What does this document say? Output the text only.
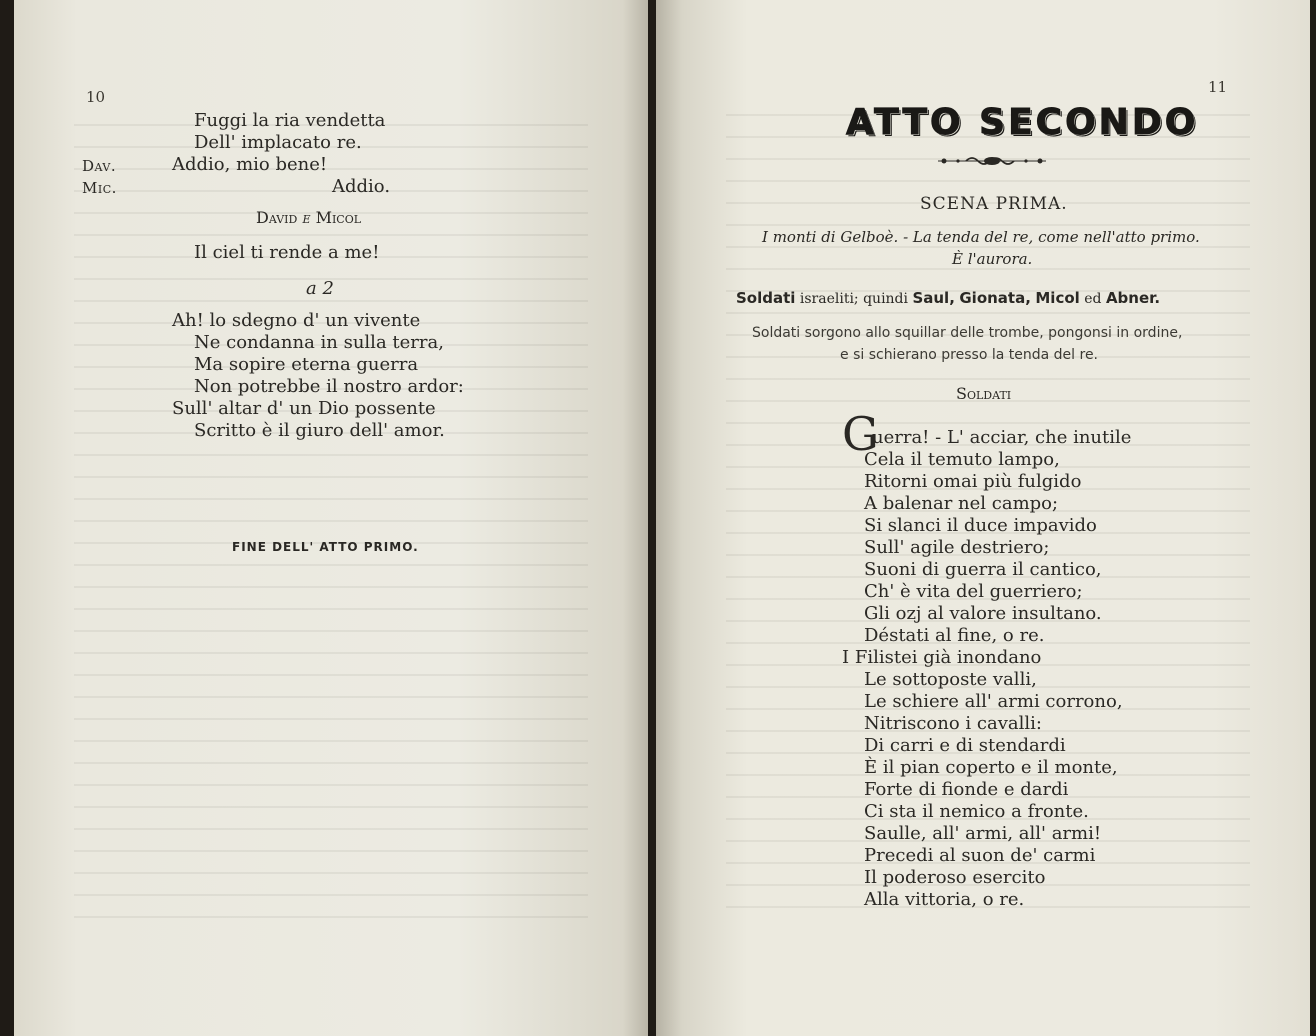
10
Fuggi la ria vendetta
Dell' implacato re.
Dav.	Addio, mio bene!
Mic.	Addio.
David e Micol
Il ciel ti rende a me!
a 2
Ah! lo sdegno d' un vivente
Ne condanna in sulla terra,
Ma sopire eterna guerra
Non potrebbe il nostro ardor:
Sull' altar d' un Dio possente
Scritto è il giuro dell' amor.
FINE DELL' ATTO PRIMO.
11
ATTO SECONDO
SCENA PRIMA.
I monti di Gelboè. - La tenda del re, come nell'atto primo.
È l'aurora.
Soldati israeliti; quindi Saul, Gionata, Micol ed Abner.
Soldati sorgono allo squillar delle trombe, pongonsi in ordine,
e si schierano presso la tenda del re.
Soldati
G
uerra! - L' acciar, che inutile
Cela il temuto lampo,
Ritorni omai più fulgido
A balenar nel campo;
Si slanci il duce impavido
Sull' agile destriero;
Suoni di guerra il cantico,
Ch' è vita del guerriero;
Gli ozj al valore insultano.
Déstati al fine, o re.
I Filistei già inondano
Le sottoposte valli,
Le schiere all' armi corrono,
Nitriscono i cavalli:
Di carri e di stendardi
È il pian coperto e il monte,
Forte di fionde e dardi
Ci sta il nemico a fronte.
Saulle, all' armi, all' armi!
Precedi al suon de' carmi
Il poderoso esercito
Alla vittoria, o re.
